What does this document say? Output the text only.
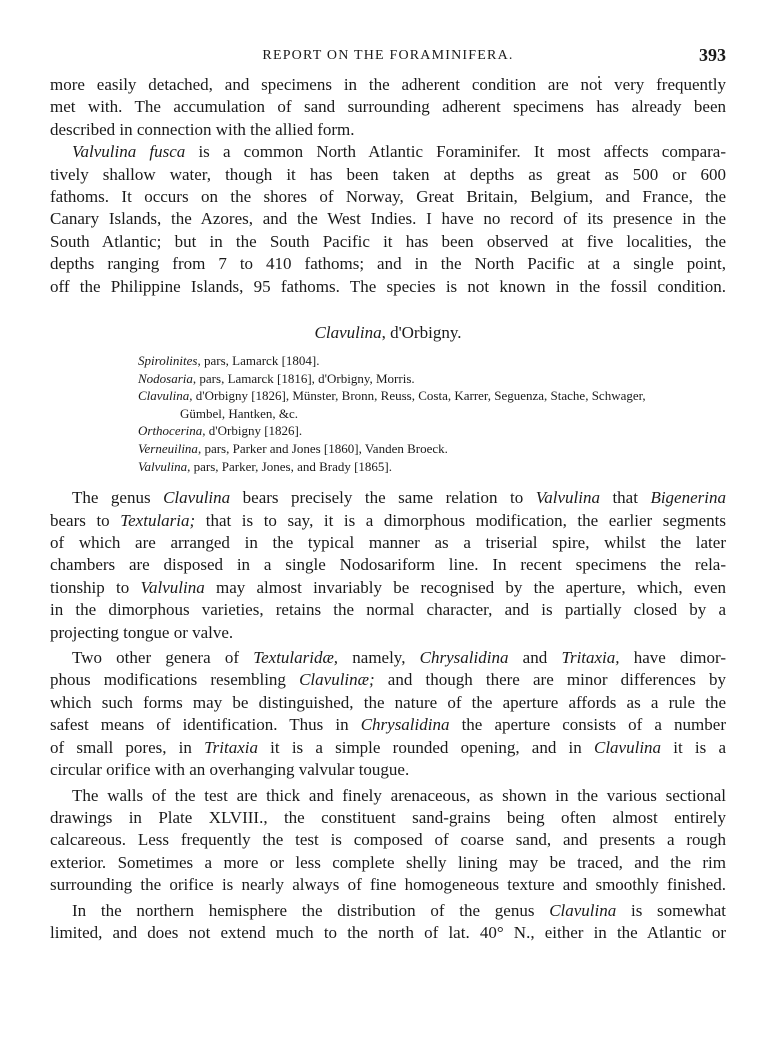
REPORT ON THE FORAMINIFERA.	393
more easily detached, and specimens in the adherent condition are not very frequently
met with. The accumulation of sand surrounding adherent specimens has already been
described in connection with the allied form.
Valvulina fusca is a common North Atlantic Foraminifer. It most affects compara-
tively shallow water, though it has been taken at depths as great as 500 or 600
fathoms. It occurs on the shores of Norway, Great Britain, Belgium, and France, the
Canary Islands, the Azores, and the West Indies. I have no record of its presence in the
South Atlantic; but in the South Pacific it has been observed at five localities, the
depths ranging from 7 to 410 fathoms; and in the North Pacific at a single point,
off the Philippine Islands, 95 fathoms. The species is not known in the fossil condition.
Clavulina, d'Orbigny.
Spirolinites, pars, Lamarck [1804].
Nodosaria, pars, Lamarck [1816], d'Orbigny, Morris.
Clavulina, d'Orbigny [1826], Münster, Bronn, Reuss, Costa, Karrer, Seguenza, Stache, Schwager,
Gümbel, Hantken, &c.
Orthocerina, d'Orbigny [1826].
Verneuilina, pars, Parker and Jones [1860], Vanden Broeck.
Valvulina, pars, Parker, Jones, and Brady [1865].
The genus Clavulina bears precisely the same relation to Valvulina that Bigenerina
bears to Textularia; that is to say, it is a dimorphous modification, the earlier segments
of which are arranged in the typical manner as a triserial spire, whilst the later
chambers are disposed in a single Nodosariform line. In recent specimens the rela-
tionship to Valvulina may almost invariably be recognised by the aperture, which, even
in the dimorphous varieties, retains the normal character, and is partially closed by a
projecting tongue or valve.
Two other genera of Textularidæ, namely, Chrysalidina and Tritaxia, have dimor-
phous modifications resembling Clavulinæ; and though there are minor differences by
which such forms may be distinguished, the nature of the aperture affords as a rule the
safest means of identification. Thus in Chrysalidina the aperture consists of a number
of small pores, in Tritaxia it is a simple rounded opening, and in Clavulina it is a
circular orifice with an overhanging valvular tougue.
The walls of the test are thick and finely arenaceous, as shown in the various sectional
drawings in Plate XLVIII., the constituent sand-grains being often almost entirely
calcareous. Less frequently the test is composed of coarse sand, and presents a rough
exterior. Sometimes a more or less complete shelly lining may be traced, and the rim
surrounding the orifice is nearly always of fine homogeneous texture and smoothly finished.
In the northern hemisphere the distribution of the genus Clavulina is somewhat
limited, and does not extend much to the north of lat. 40° N., either in the Atlantic or
